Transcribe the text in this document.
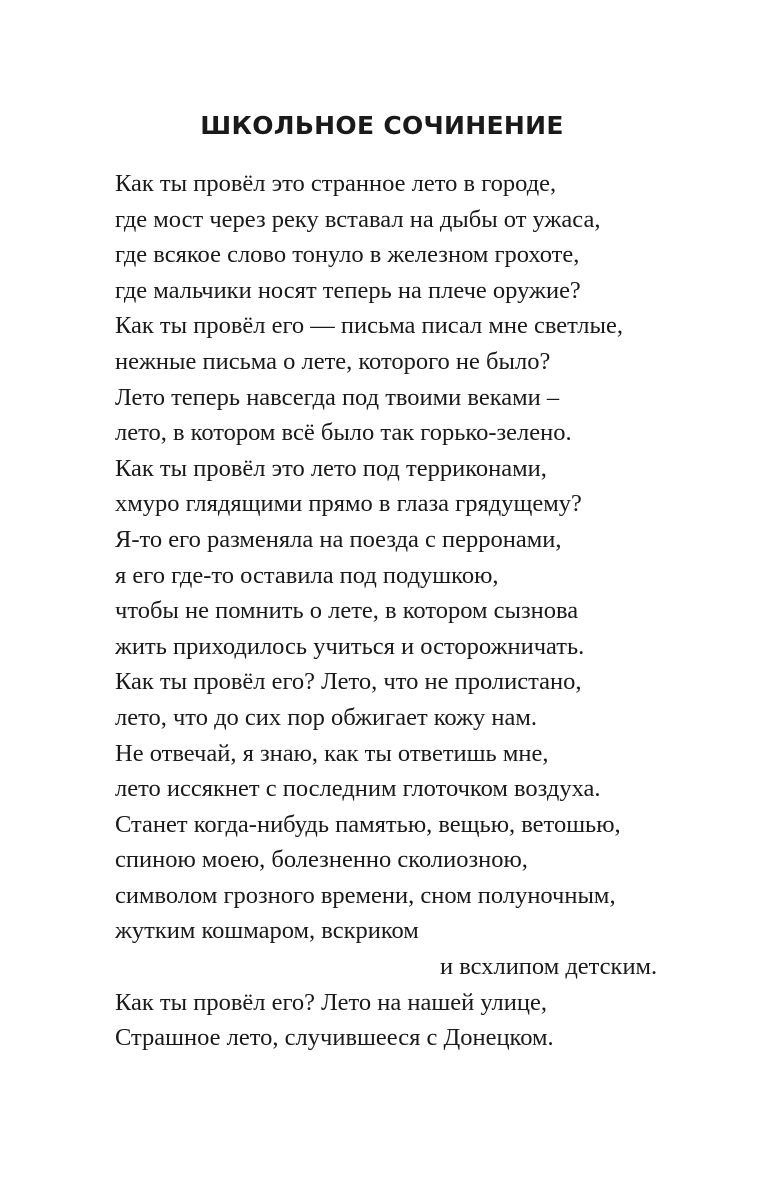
ШКОЛЬНОЕ СОЧИНЕНИЕ
Как ты провёл это странное лето в городе,
где мост через реку вставал на дыбы от ужаса,
где всякое слово тонуло в железном грохоте,
где мальчики носят теперь на плече оружие?
Как ты провёл его — письма писал мне светлые,
нежные письма о лете, которого не было?
Лето теперь навсегда под твоими веками –
лето, в котором всё было так горько-зелено.
Как ты провёл это лето под терриконами,
хмуро глядящими прямо в глаза грядущему?
Я-то его разменяла на поезда с перронами,
я его где-то оставила под подушкою,
чтобы не помнить о лете, в котором сызнова
жить приходилось учиться и осторожничать.
Как ты провёл его? Лето, что не пролистано,
лето, что до сих пор обжигает кожу нам.
Не отвечай, я знаю, как ты ответишь мне,
лето иссякнет с последним глоточком воздуха.
Станет когда-нибудь памятью, вещью, ветошью,
спиною моею, болезненно сколиозною,
символом грозного времени, сном полуночным,
жутким кошмаром, вскриком
и всхлипом детским.
Как ты провёл его? Лето на нашей улице,
Страшное лето, случившееся с Донецком.
